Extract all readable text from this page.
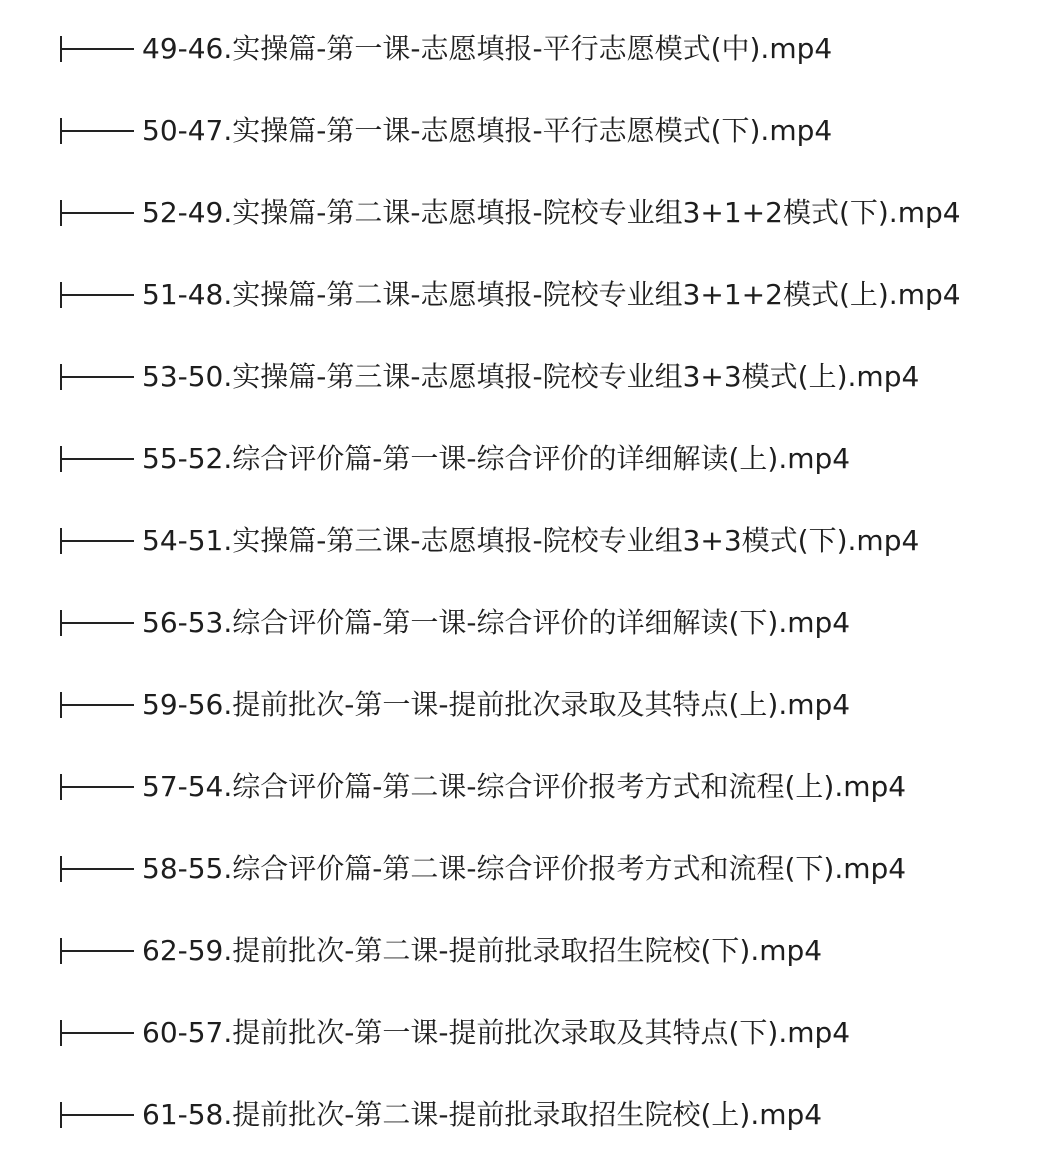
49-46.实操篇-第一课-志愿填报-平行志愿模式(中).mp4
50-47.实操篇-第一课-志愿填报-平行志愿模式(下).mp4
52-49.实操篇-第二课-志愿填报-院校专业组3+1+2模式(下).mp4
51-48.实操篇-第二课-志愿填报-院校专业组3+1+2模式(上).mp4
53-50.实操篇-第三课-志愿填报-院校专业组3+3模式(上).mp4
55-52.综合评价篇-第一课-综合评价的详细解读(上).mp4
54-51.实操篇-第三课-志愿填报-院校专业组3+3模式(下).mp4
56-53.综合评价篇-第一课-综合评价的详细解读(下).mp4
59-56.提前批次-第一课-提前批次录取及其特点(上).mp4
57-54.综合评价篇-第二课-综合评价报考方式和流程(上).mp4
58-55.综合评价篇-第二课-综合评价报考方式和流程(下).mp4
62-59.提前批次-第二课-提前批录取招生院校(下).mp4
60-57.提前批次-第一课-提前批次录取及其特点(下).mp4
61-58.提前批次-第二课-提前批录取招生院校(上).mp4
